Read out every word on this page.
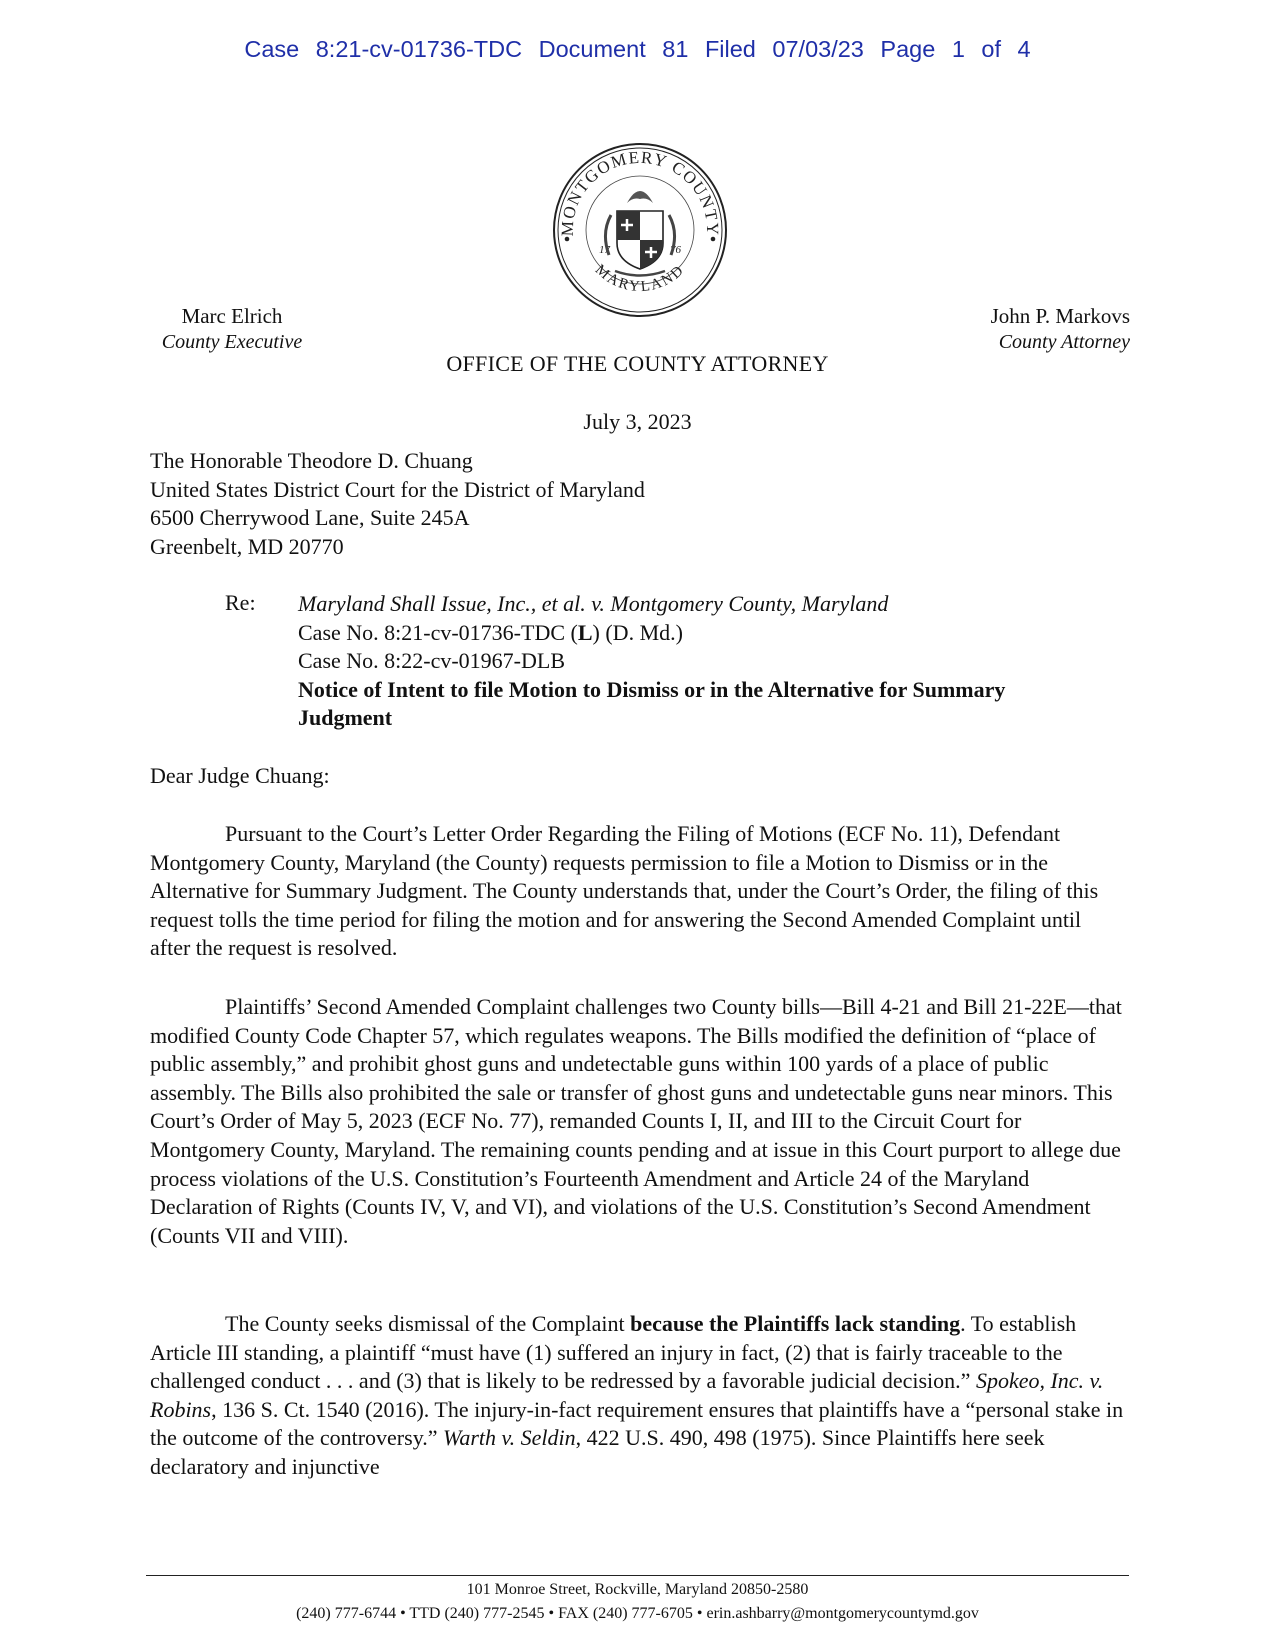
Case 8:21-cv-01736-TDC Document 81 Filed 07/03/23 Page 1 of 4
MONTGOMERY COUNTY
MARYLAND
17	76
Marc Elrich
County Executive
John P. Markovs
County Attorney
OFFICE OF THE COUNTY ATTORNEY
July 3, 2023
The Honorable Theodore D. Chuang
United States District Court for the District of Maryland
6500 Cherrywood Lane, Suite 245A
Greenbelt, MD 20770
Re: Maryland Shall Issue, Inc., et al. v. Montgomery County, Maryland
Case No. 8:21-cv-01736-TDC (L) (D. Md.)
Case No. 8:22-cv-01967-DLB
Notice of Intent to file Motion to Dismiss or in the Alternative for Summary Judgment
Dear Judge Chuang:

Pursuant to the Court’s Letter Order Regarding the Filing of Motions (ECF No. 11), Defendant Montgomery County, Maryland (the County) requests permission to file a Motion to Dismiss or in the Alternative for Summary Judgment. The County understands that, under the Court’s Order, the filing of this request tolls the time period for filing the motion and for answering the Second Amended Complaint until after the request is resolved.

Plaintiffs’ Second Amended Complaint challenges two County bills—Bill 4-21 and Bill 21-22E—that modified County Code Chapter 57, which regulates weapons. The Bills modified the definition of “place of public assembly,” and prohibit ghost guns and undetectable guns within 100 yards of a place of public assembly. The Bills also prohibited the sale or transfer of ghost guns and undetectable guns near minors. This Court’s Order of May 5, 2023 (ECF No. 77), remanded Counts I, II, and III to the Circuit Court for Montgomery County, Maryland. The remaining counts pending and at issue in this Court purport to allege due process violations of the U.S. Constitution’s Fourteenth Amendment and Article 24 of the Maryland Declaration of Rights (Counts IV, V, and VI), and violations of the U.S. Constitution’s Second Amendment (Counts VII and VIII).

The County seeks dismissal of the Complaint because the Plaintiffs lack standing. To establish Article III standing, a plaintiff “must have (1) suffered an injury in fact, (2) that is fairly traceable to the challenged conduct . . . and (3) that is likely to be redressed by a favorable judicial decision.” Spokeo, Inc. v. Robins, 136 S. Ct. 1540 (2016). The injury-in-fact requirement ensures that plaintiffs have a “personal stake in the outcome of the controversy.” Warth v. Seldin, 422 U.S. 490, 498 (1975). Since Plaintiffs here seek declaratory and injunctive

101 Monroe Street, Rockville, Maryland 20850-2580
(240) 777-6744 • TTD (240) 777-2545 • FAX (240) 777-6705 • erin.ashbarry@montgomerycountymd.gov
